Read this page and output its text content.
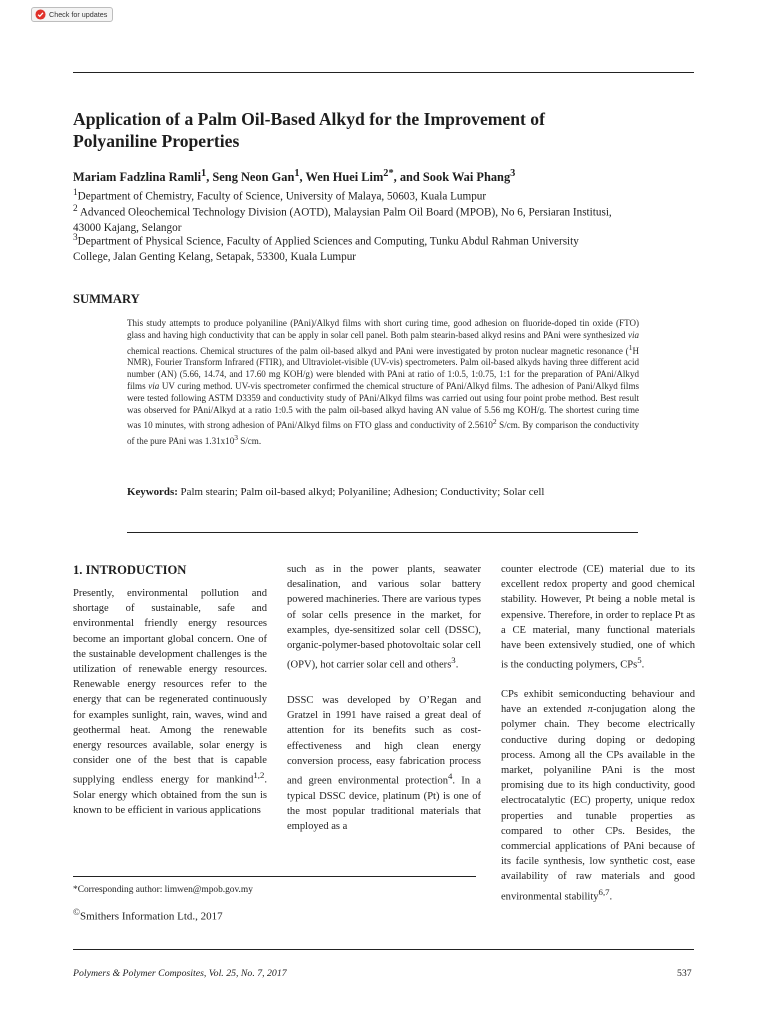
Check for updates
Application of a Palm Oil-Based Alkyd for the Improvement of
Polyaniline Properties

Mariam Fadzlina Ramli$^1$, Seng Neon Gan$^1$, Wen Huei Lim$^{2*}$, and Sook Wai Phang$^3$

$^1$Department of Chemistry, Faculty of Science, University of Malaya, 50603, Kuala Lumpur

$^2$ Advanced Oleochemical Technology Division (AOTD), Malaysian Palm Oil Board (MPOB), No 6, Persiaran Institusi,
43000 Kajang, Selangor

$^3$Department of Physical Science, Faculty of Applied Sciences and Computing, Tunku Abdul Rahman University
College, Jalan Genting Kelang, Setapak, 53300, Kuala Lumpur

SUMMARY

This study attempts to produce polyaniline (PAni)/Alkyd films with short curing time, good adhesion on fluoride-doped tin oxide (FTO) glass and having high conductivity that can be apply in solar cell panel. Both palm stearin-based alkyd resins and PAni were synthesized via chemical reactions. Chemical structures of the palm oil-based alkyd and PAni were investigated by proton nuclear magnetic resonance ($^1$H NMR), Fourier Transform Infrared (FTIR), and Ultraviolet-visible (UV-vis) spectrometers. Palm oil-based alkyds having three different acid number (AN) (5.66, 14.74, and 17.60 mg KOH/g) were blended with PAni at ratio of 1:0.5, 1:0.75, 1:1 for the preparation of PAni/Alkyd films via UV curing method. UV-vis spectrometer confirmed the chemical structure of PAni/Alkyd films. The adhesion of Pani/Alkyd films were tested following ASTM D3359 and conductivity study of PAni/Alkyd films was carried out using four point probe method. Best result was observed for PAni/Alkyd at a ratio 1:0.5 with the palm oil-based alkyd having AN value of 5.56 mg KOH/g. The shortest curing time was 10 minutes, with strong adhesion of PAni/Alkyd films on FTO glass and conductivity of 2.5610$^2$ S/cm. By comparison the conductivity of the pure PAni was $1.31x10^3$ S/cm.

Keywords: Palm stearin; Palm oil-based alkyd; Polyaniline; Adhesion; Conductivity; Solar cell

1. INTRODUCTION

Presently, environmental pollution and shortage of sustainable, safe and environmental friendly energy resources become an important global concern. One of the sustainable development challenges is the utilization of renewable energy resources. Renewable energy resources refer to the energy that can be regenerated continuously for examples sunlight, rain, waves, wind and geothermal heat. Among the renewable energy resources available, solar energy is consider one of the best that is capable supplying endless energy for mankind$^{1,2}$. Solar energy which obtained from the sun is known to be efficient in various applications

such as in the power plants, seawater desalination, and various solar battery powered machineries. There are various types of solar cells presence in the market, for examples, dye-sensitized solar cell (DSSC), organic-polymer-based photovoltaic solar cell (OPV), hot carrier solar cell and others$^3$.

DSSC was developed by O’Regan and Gratzel in 1991 have raised a great deal of attention for its benefits such as cost-effectiveness and high clean energy conversion process, easy fabrication process and green environmental protection$^4$. In a typical DSSC device, platinum (Pt) is one of the most popular traditional materials that employed as a

counter electrode (CE) material due to its excellent redox property and good chemical stability. However, Pt being a noble metal is expensive. Therefore, in order to replace Pt as a CE material, many functional materials have been extensively studied, one of which is the conducting polymers, CPs$^5$.

CPs exhibit semiconducting behaviour and have an extended π-conjugation along the polymer chain. They become electrically conductive during doping or dedoping process. Among all the CPs available in the market, polyaniline PAni is the most promising due to its high conductivity, good electrocatalytic (EC) property, unique redox properties and tunable properties as compared to other CPs. Besides, the commercial applications of PAni because of its facile synthesis, low synthetic cost, ease availability of raw materials and good environmental stability$^{6,7}$.

*Corresponding author: limwen@mpob.gov.my

©Smithers Information Ltd., 2017

Polymers & Polymer Composites, Vol. 25, No. 7, 2017	537
